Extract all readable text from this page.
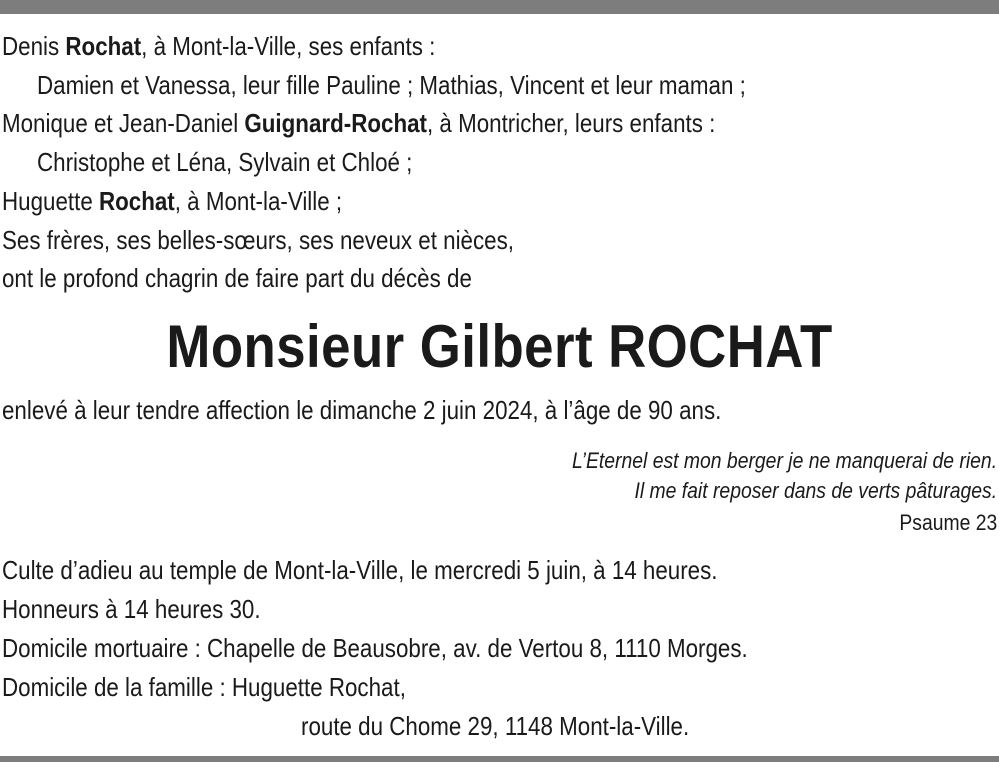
Denis Rochat, à Mont-la-Ville, ses enfants :
Damien et Vanessa, leur fille Pauline ; Mathias, Vincent et leur maman ;
Monique et Jean-Daniel Guignard-Rochat, à Montricher, leurs enfants :
Christophe et Léna, Sylvain et Chloé ;
Huguette Rochat, à Mont-la-Ville ;
Ses frères, ses belles-sœurs, ses neveux et nièces,
ont le profond chagrin de faire part du décès de
Monsieur Gilbert ROCHAT
enlevé à leur tendre affection le dimanche 2 juin 2024, à l’âge de 90 ans.
L’Eternel est mon berger je ne manquerai de rien.
Il me fait reposer dans de verts pâturages.
Psaume 23
Culte d’adieu au temple de Mont-la-Ville, le mercredi 5 juin, à 14 heures.
Honneurs à 14 heures 30.
Domicile mortuaire : Chapelle de Beausobre, av. de Vertou 8, 1110 Morges.
Domicile de la famille : Huguette Rochat,
route du Chome 29, 1148 Mont-la-Ville.
